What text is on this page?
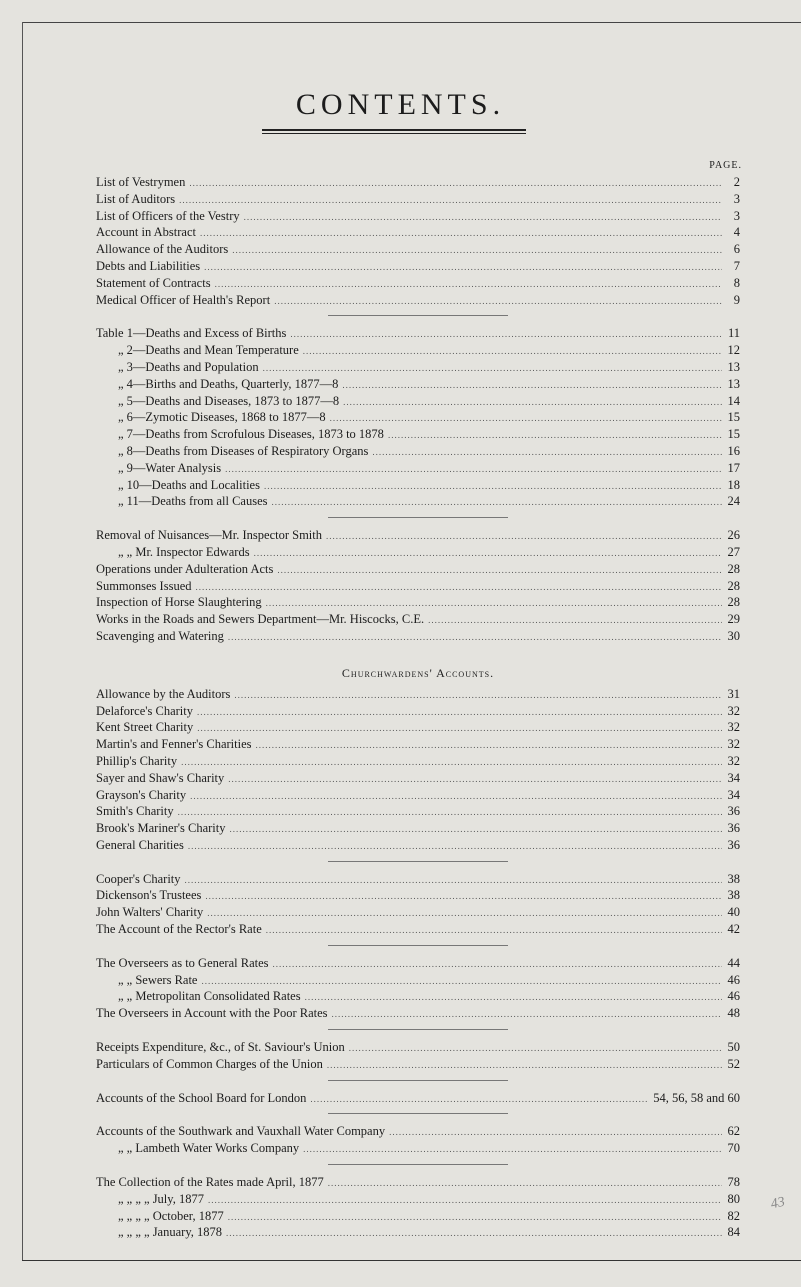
CONTENTS.
PAGE.
List of Vestrymen .....	2
List of Auditors .....	3
List of Officers of the Vestry .....	3
Account in Abstract .....	4
Allowance of the Auditors .....	6
Debts and Liabilities .....	7
Statement of Contracts .....	8
Medical Officer of Health's Report .....	9
Table 1—Deaths and Excess of Births .....	11
„ 2—Deaths and Mean Temperature .....	12
„ 3—Deaths and Population .....	13
„ 4—Births and Deaths, Quarterly, 1877—8 .....	13
„ 5—Deaths and Diseases, 1873 to 1877—8 .....	14
„ 6—Zymotic Diseases, 1868 to 1877—8 .....	15
„ 7—Deaths from Scrofulous Diseases, 1873 to 1878 .....	15
„ 8—Deaths from Diseases of Respiratory Organs .....	16
„ 9—Water Analysis .....	17
„ 10—Deaths and Localities .....	18
„ 11—Deaths from all Causes .....	24
Removal of Nuisances—Mr. Inspector Smith .....	26
„ „ Mr. Inspector Edwards .....	27
Operations under Adulteration Acts .....	28
Summonses Issued .....	28
Inspection of Horse Slaughtering .....	28
Works in the Roads and Sewers Department—Mr. Hiscocks, C.E. .....	29
Scavenging and Watering .....	30
Churchwardens' Accounts.
Allowance by the Auditors .....	31
Delaforce's Charity .....	32
Kent Street Charity .....	32
Martin's and Fenner's Charities .....	32
Phillip's Charity .....	32
Sayer and Shaw's Charity .....	34
Grayson's Charity .....	34
Smith's Charity .....	36
Brook's Mariner's Charity .....	36
General Charities .....	36
Cooper's Charity .....	38
Dickenson's Trustees .....	38
John Walters' Charity .....	40
The Account of the Rector's Rate .....	42
The Overseers as to General Rates .....	44
„ „ Sewers Rate .....	46
„ „ Metropolitan Consolidated Rates .....	46
The Overseers in Account with the Poor Rates .....	48
Receipts Expenditure, &c., of St. Saviour's Union .....	50
Particulars of Common Charges of the Union .....	52
Accounts of the School Board for London .....	54, 56, 58 and 60
Accounts of the Southwark and Vauxhall Water Company .....	62
„ „ Lambeth Water Works Company .....	70
The Collection of the Rates made April, 1877 .....	78
„ „ „ „ July, 1877 .....	80
„ „ „ „ October, 1877 .....	82
„ „ „ „ January, 1878 .....	84
43
